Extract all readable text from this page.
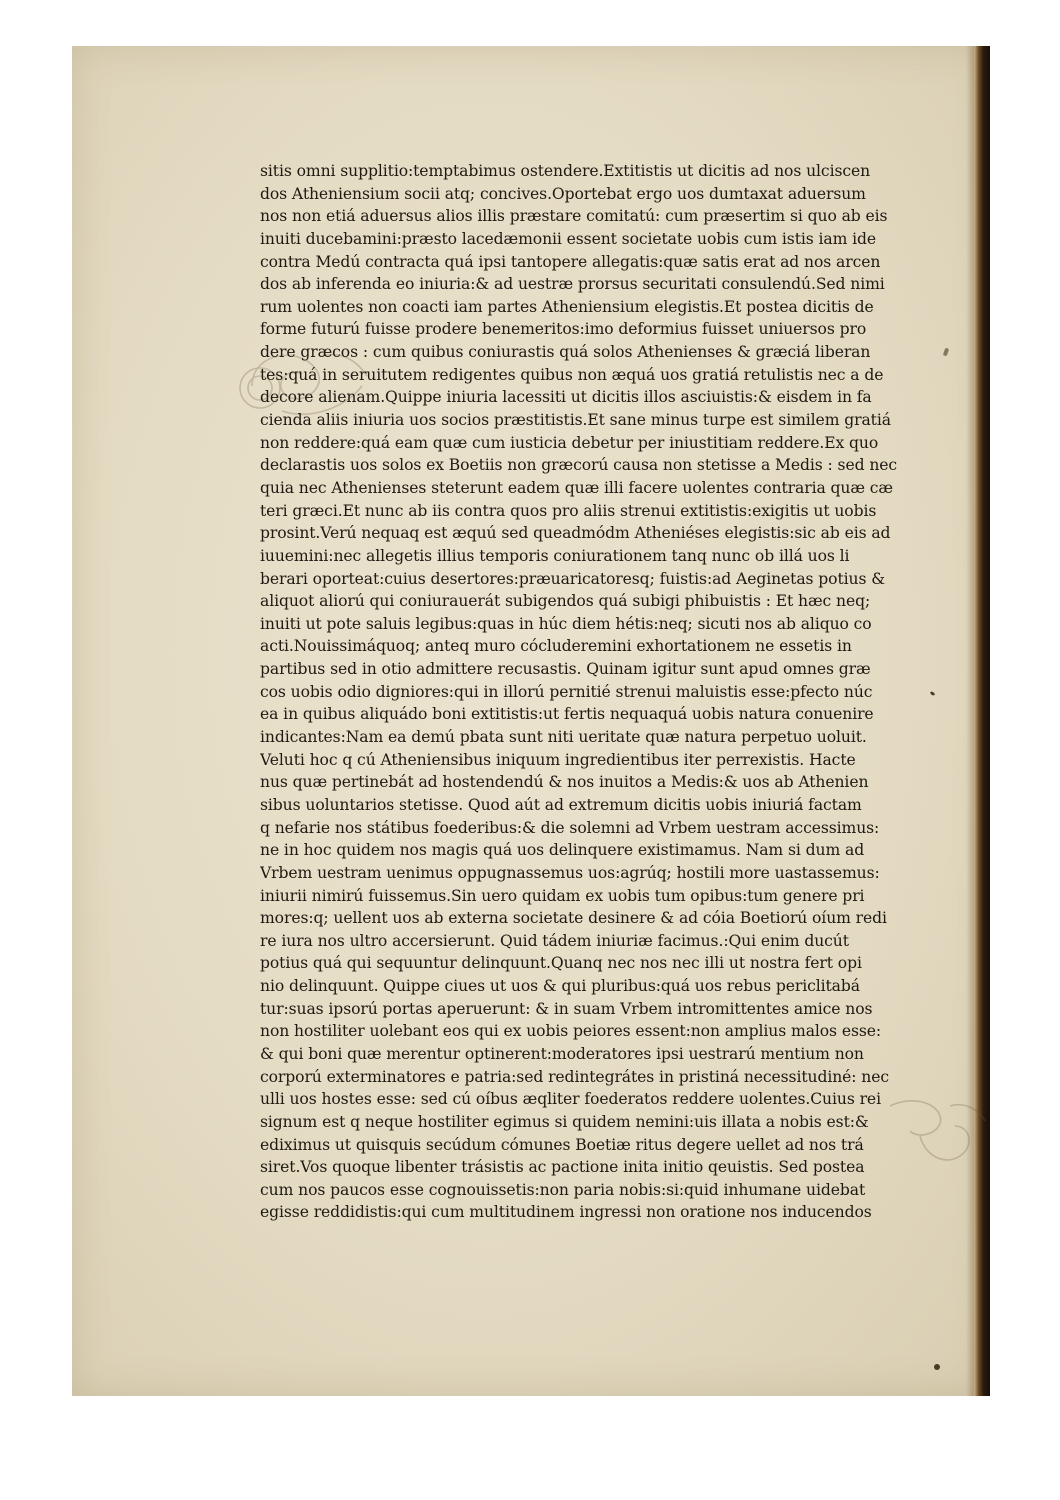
sitis omni supplitio:temptabimus ostendere.Extitistis ut dicitis ad nos ulciscen
dos Atheniensium socii atq; concives.Oportebat ergo uos dumtaxat aduersum
nos non etiá aduersus alios illis præstare comitatú: cum præsertim si quo ab eis
inuiti ducebamini:præsto lacedæmonii essent societate uobis cum istis iam ide
contra Medú contracta quá ipsi tantopere allegatis:quæ satis erat ad nos arcen
dos ab inferenda eo iniuria:& ad uestræ prorsus securitati consulendú.Sed nimi
rum uolentes non coacti iam partes Atheniensium elegistis.Et postea dicitis de
forme futurú fuisse prodere benemeritos:imo deformius fuisset uniuersos pro
dere græcos : cum quibus coniurastis quá solos Athenienses & græciá liberan
tes:quá in seruitutem redigentes quibus non æquá uos gratiá retulistis nec a de
decore alienam.Quippe iniuria lacessiti ut dicitis illos asciuistis:& eisdem in fa
cienda aliis iniuria uos socios præstitistis.Et sane minus turpe est similem gratiá
non reddere:quá eam quæ cum iusticia debetur per iniustitiam reddere.Ex quo
declarastis uos solos ex Boetiis non græcorú causa non stetisse a Medis : sed nec
quia nec Athenienses steterunt eadem quæ illi facere uolentes contraria quæ cæ
teri græci.Et nunc ab iis contra quos pro aliis strenui extitistis:exigitis ut uobis
prosint.Verú nequaq est æquú sed queadmódm Atheniéses elegistis:sic ab eis ad
iuuemini:nec allegetis illius temporis coniurationem tanq nunc ob illá uos li
berari oporteat:cuius desertores:præuaricatoresq; fuistis:ad Aeginetas potius &
aliquot aliorú qui coniurauerát subigendos quá subigi phibuistis : Et hæc neq;
inuiti ut pote saluis legibus:quas in húc diem hétis:neq; sicuti nos ab aliquo co
acti.Nouissimáquoq; anteq muro cócluderemini exhortationem ne essetis in
partibus sed in otio admittere recusastis. Quinam igitur sunt apud omnes græ
cos uobis odio digniores:qui in illorú pernitié strenui maluistis esse:pfecto núc
ea in quibus aliquádo boni extitistis:ut fertis nequaquá uobis natura conuenire
indicantes:Nam ea demú pbata sunt niti ueritate quæ natura perpetuo uoluit.
Veluti hoc q cú Atheniensibus iniquum ingredientibus iter perrexistis. Hacte
nus quæ pertinebát ad hostendendú & nos inuitos a Medis:& uos ab Athenien
sibus uoluntarios stetisse. Quod aút ad extremum dicitis uobis iniuriá factam
q nefarie nos státibus foederibus:& die solemni ad Vrbem uestram accessimus:
ne in hoc quidem nos magis quá uos delinquere existimamus. Nam si dum ad
Vrbem uestram uenimus oppugnassemus uos:agrúq; hostili more uastassemus:
iniurii nimirú fuissemus.Sin uero quidam ex uobis tum opibus:tum genere pri
mores:q; uellent uos ab externa societate desinere & ad cóia Boetiorú oíum redi
re iura nos ultro accersierunt. Quid tádem iniuriæ facimus.:Qui enim ducút
potius quá qui sequuntur delinquunt.Quanq nec nos nec illi ut nostra fert opi
nio delinquunt. Quippe ciues ut uos & qui pluribus:quá uos rebus periclitabá
tur:suas ipsorú portas aperuerunt: & in suam Vrbem intromittentes amice nos
non hostiliter uolebant eos qui ex uobis peiores essent:non amplius malos esse:
& qui boni quæ merentur optinerent:moderatores ipsi uestrarú mentium non
corporú exterminatores e patria:sed redintegrátes in pristiná necessitudiné: nec
ulli uos hostes esse: sed cú oíbus æqliter foederatos reddere uolentes.Cuius rei
signum est q neque hostiliter egimus si quidem nemini:uis illata a nobis est:&
ediximus ut quisquis secúdum cómunes Boetiæ ritus degere uellet ad nos trá
siret.Vos quoque libenter trásistis ac pactione inita initio qeuistis. Sed postea
cum nos paucos esse cognouissetis:non paria nobis:si:quid inhumane uidebat
egisse reddidistis:qui cum multitudinem ingressi non oratione nos inducendos
